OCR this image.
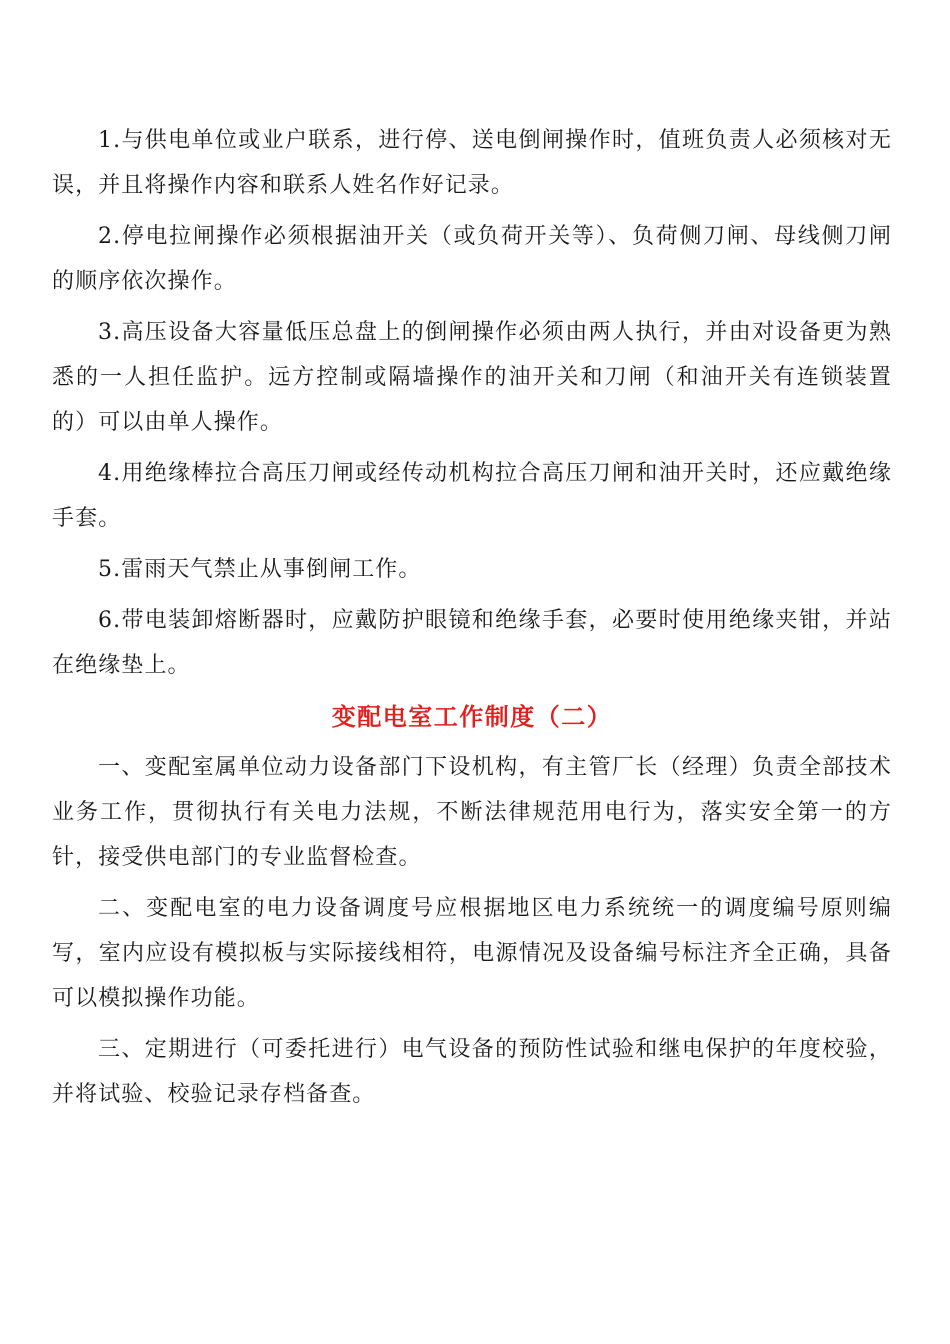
1.与供电单位或业户联系，进行停、送电倒闸操作时，值班负责人必须核对无误，并且将操作内容和联系人姓名作好记录。

2.停电拉闸操作必须根据油开关（或负荷开关等）、负荷侧刀闸、母线侧刀闸的顺序依次操作。

3.高压设备大容量低压总盘上的倒闸操作必须由两人执行，并由对设备更为熟悉的一人担任监护。远方控制或隔墙操作的油开关和刀闸（和油开关有连锁装置的）可以由单人操作。

4.用绝缘棒拉合高压刀闸或经传动机构拉合高压刀闸和油开关时，还应戴绝缘手套。

5.雷雨天气禁止从事倒闸工作。

6.带电装卸熔断器时，应戴防护眼镜和绝缘手套，必要时使用绝缘夹钳，并站在绝缘垫上。

变配电室工作制度（二）

一、变配室属单位动力设备部门下设机构，有主管厂长（经理）负责全部技术业务工作，贯彻执行有关电力法规，不断法律规范用电行为，落实安全第一的方针，接受供电部门的专业监督检查。

二、变配电室的电力设备调度号应根据地区电力系统统一的调度编号原则编写，室内应设有模拟板与实际接线相符，电源情况及设备编号标注齐全正确，具备可以模拟操作功能。

三、定期进行（可委托进行）电气设备的预防性试验和继电保护的年度校验，并将试验、校验记录存档备查。
